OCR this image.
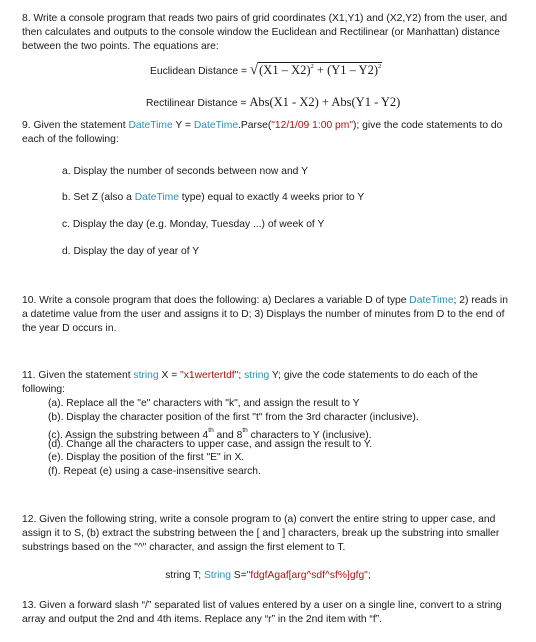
8. Write a console program that reads two pairs of grid coordinates (X1,Y1) and (X2,Y2) from the user, and then calculates and outputs to the console window the Euclidean and Rectilinear (or Manhattan) distance between the two points. The equations are:
Euclidean Distance = √(X1 – X2)$^2$ + (Y1 – Y2)$^2$
Rectilinear Distance = Abs(X1 - X2) + Abs(Y1 - Y2)
9. Given the statement DateTime Y = DateTime.Parse("12/1/09 1:00 pm"); give the code statements to do each of the following:
a. Display the number of seconds between now and Y
b. Set Z (also a DateTime type) equal to exactly 4 weeks prior to Y
c. Display the day (e.g. Monday, Tuesday ...) of week of Y
d. Display the day of year of Y
10. Write a console program that does the following: a) Declares a variable D of type DateTime; 2) reads in a datetime value from the user and assigns it to D; 3) Displays the number of minutes from D to the end of the year D occurs in.
11. Given the statement string X = "x1wertertdf"; string Y; give the code statements to do each of the following:
(a). Replace all the "e" characters with "k", and assign the result to Y
(b). Display the character position of the first "t" from the 3rd character (inclusive).
(c). Assign the substring between 4th and 8th characters to Y (inclusive).
(d). Change all the characters to upper case, and assign the result to Y.
(e). Display the position of the first "E" in X.
(f). Repeat (e) using a case-insensitive search.
12. Given the following string, write a console program to (a) convert the entire string to upper case, and assign it to S, (b) extract the substring between the [ and ] characters, break up the substring into smaller substrings based on the "^" character, and assign the first element to T.
string T; String S="fdgfAgaf[arg^sdf^sf%]gfg";
13. Given a forward slash “/” separated list of values entered by a user on a single line, convert to a string array and output the 2nd and 4th items. Replace any “r” in the 2nd item with “f”.
